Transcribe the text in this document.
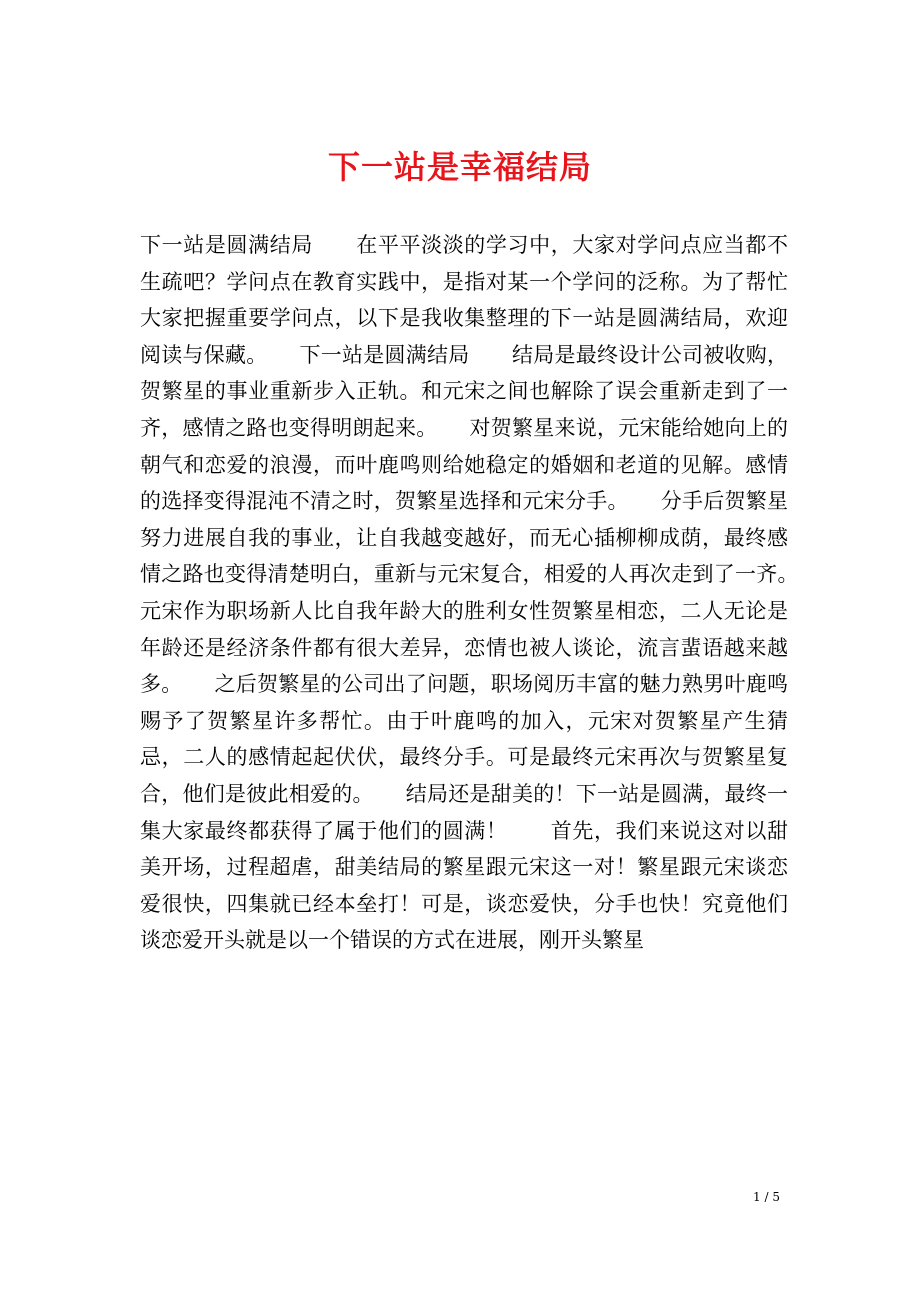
下一站是幸福结局

下一站是圆满结局　　在平平淡淡的学习中，大家对学问点应当都不生疏吧？学问点在教育实践中，是指对某一个学问的泛称。为了帮忙大家把握重要学问点，以下是我收集整理的下一站是圆满结局，欢迎阅读与保藏。　　下一站是圆满结局　　结局是最终设计公司被收购，贺繁星的事业重新步入正轨。和元宋之间也解除了误会重新走到了一齐，感情之路也变得明朗起来。　　对贺繁星来说，元宋能给她向上的朝气和恋爱的浪漫，而叶鹿鸣则给她稳定的婚姻和老道的见解。感情的选择变得混沌不清之时，贺繁星选择和元宋分手。　　分手后贺繁星努力进展自我的事业，让自我越变越好，而无心插柳柳成荫，最终感情之路也变得清楚明白，重新与元宋复合，相爱的人再次走到了一齐。　　元宋作为职场新人比自我年龄大的胜利女性贺繁星相恋，二人无论是年龄还是经济条件都有很大差异，恋情也被人谈论，流言蜚语越来越多。　　之后贺繁星的公司出了问题，职场阅历丰富的魅力熟男叶鹿鸣赐予了贺繁星许多帮忙。由于叶鹿鸣的加入，元宋对贺繁星产生猜忌，二人的感情起起伏伏，最终分手。可是最终元宋再次与贺繁星复合，他们是彼此相爱的。　　结局还是甜美的！下一站是圆满，最终一集大家最终都获得了属于他们的圆满！　　首先，我们来说这对以甜美开场，过程超虐，甜美结局的繁星跟元宋这一对！繁星跟元宋谈恋爱很快，四集就已经本垒打！可是，谈恋爱快，分手也快！究竟他们谈恋爱开头就是以一个错误的方式在进展，刚开头繁星

1 / 5
